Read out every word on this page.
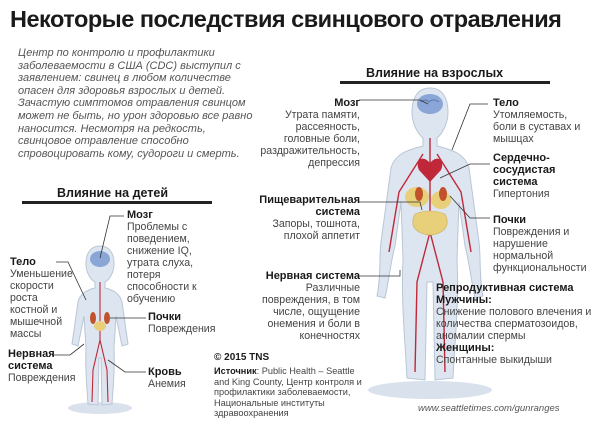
Некоторые последствия свинцового отравления
Центр по контролю и профилактики заболеваемости в США (CDC) выступил с заявлением: свинец в любом количестве опасен для здоровья взрослых и детей. Зачастую симптомов отравления свинцом может не быть, но урон здоровью все равно наносится. Несмотря на редкость, свинцовое отравление способно спровоцировать кому, судороги и смерть.
Влияние на взрослых
Влияние на детей
Мозг
Утрата памяти, рассеяность, головные боли, раздражительность, депрессия
Тело
Утомляемость, боли в суставах и мышцах
Сердечно-сосудистая система
Гипертония
Почки
Повреждения и нарушение нормальной функциональности
Пищеварительная система
Запоры, тошнота, плохой аппетит
Нервная система
Различные повреждения, в том числе, ощущение онемения и боли в конечностях
Репродуктивная система
Мужчины:
Снижение полового влечения и количества сперматозоидов, аномалии спермы
Женщины:
Спонтанные выкидыши
Мозг
Проблемы с поведением, снижение IQ, утрата слуха, потеря способности к обучению
Тело
Уменьшение скорости роста костной и мышечной массы
Почки
Повреждения
Нервная система
Повреждения	Кровь
Анемия
© 2015 TNS
Источник: Public Health – Seattle and King County, Центр контроля и профилактики заболеваемости, Национальные институты здравоохранения	www.seattletimes.com/gunranges
